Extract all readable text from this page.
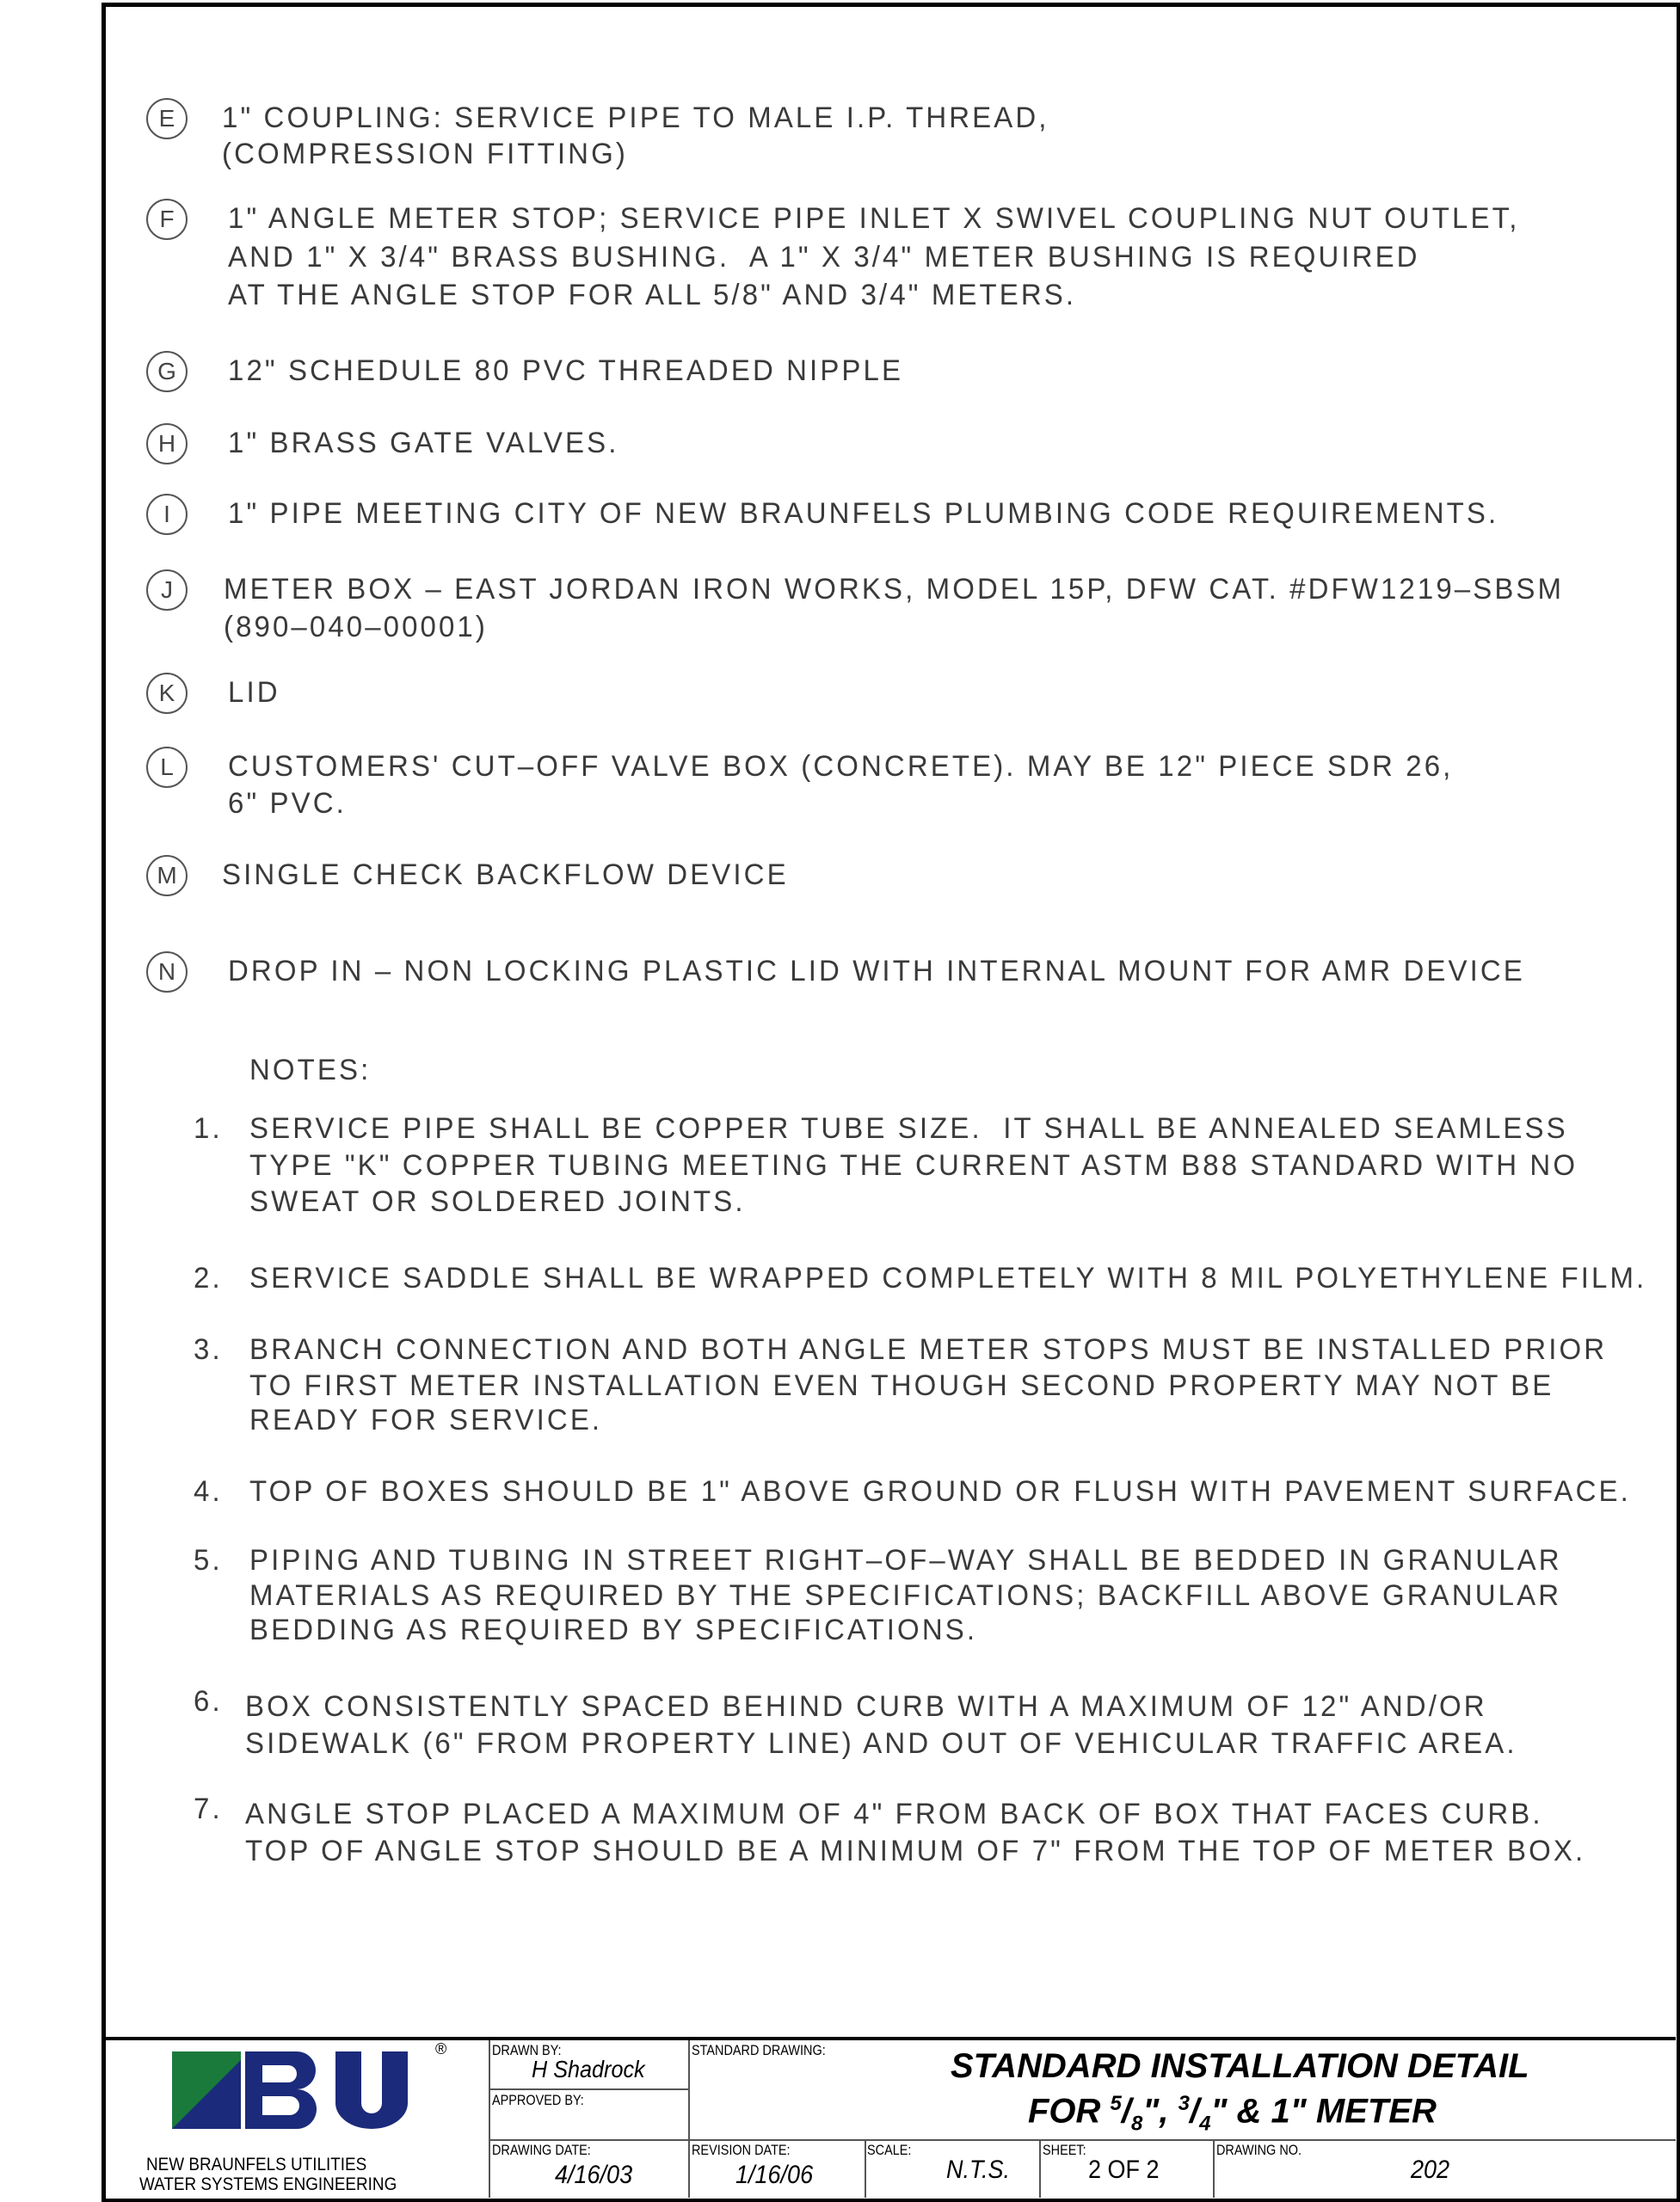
E	1" COUPLING: SERVICE PIPE TO MALE I.P. THREAD,
(COMPRESSION FITTING)
F	1" ANGLE METER STOP; SERVICE PIPE INLET X SWIVEL COUPLING NUT OUTLET,
AND 1" X 3/4" BRASS BUSHING.  A 1" X 3/4" METER BUSHING IS REQUIRED
AT THE ANGLE STOP FOR ALL 5/8" AND 3/4" METERS.
G	12" SCHEDULE 80 PVC THREADED NIPPLE
H	1" BRASS GATE VALVES.
I	1" PIPE MEETING CITY OF NEW BRAUNFELS PLUMBING CODE REQUIREMENTS.
J	METER BOX – EAST JORDAN IRON WORKS, MODEL 15P, DFW CAT. #DFW1219–SBSM
(890–040–00001)
K	LID
L	CUSTOMERS' CUT–OFF VALVE BOX (CONCRETE). MAY BE 12" PIECE SDR 26,
6" PVC.
M	SINGLE CHECK BACKFLOW DEVICE
N	DROP IN – NON LOCKING PLASTIC LID WITH INTERNAL MOUNT FOR AMR DEVICE
NOTES:
1. SERVICE PIPE SHALL BE COPPER TUBE SIZE.  IT SHALL BE ANNEALED SEAMLESS
TYPE "K" COPPER TUBING MEETING THE CURRENT ASTM B88 STANDARD WITH NO
SWEAT OR SOLDERED JOINTS.
2. SERVICE SADDLE SHALL BE WRAPPED COMPLETELY WITH 8 MIL POLYETHYLENE FILM.
3. BRANCH CONNECTION AND BOTH ANGLE METER STOPS MUST BE INSTALLED PRIOR
TO FIRST METER INSTALLATION EVEN THOUGH SECOND PROPERTY MAY NOT BE
READY FOR SERVICE.
4. TOP OF BOXES SHOULD BE 1" ABOVE GROUND OR FLUSH WITH PAVEMENT SURFACE.
5. PIPING AND TUBING IN STREET RIGHT–OF–WAY SHALL BE BEDDED IN GRANULAR
MATERIALS AS REQUIRED BY THE SPECIFICATIONS; BACKFILL ABOVE GRANULAR
BEDDING AS REQUIRED BY SPECIFICATIONS.
6. BOX CONSISTENTLY SPACED BEHIND CURB WITH A MAXIMUM OF 12" AND/OR
SIDEWALK (6" FROM PROPERTY LINE) AND OUT OF VEHICULAR TRAFFIC AREA.
7. ANGLE STOP PLACED A MAXIMUM OF 4" FROM BACK OF BOX THAT FACES CURB.
TOP OF ANGLE STOP SHOULD BE A MINIMUM OF 7" FROM THE TOP OF METER BOX.
®
NEW BRAUNFELS UTILITIES
WATER SYSTEMS ENGINEERING
DRAWN BY:
H Shadrock
APPROVED BY:
STANDARD DRAWING:	STANDARD INSTALLATION DETAIL
FOR $^5/_8$", $^3/_4$" & 1" METER
DRAWING DATE:
4/16/03
REVISION DATE:
1/16/06
SCALE:
N.T.S.
SHEET:
2 OF 2
DRAWING NO.
202
